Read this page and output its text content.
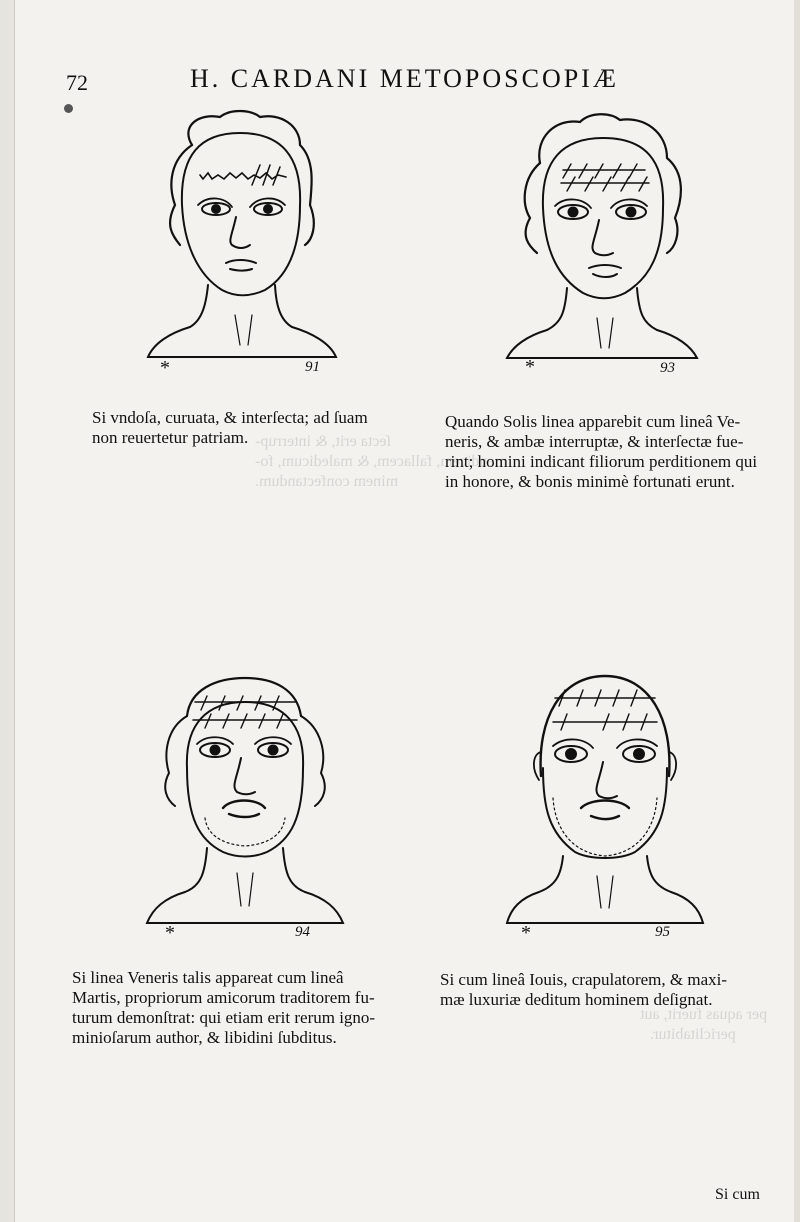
72	H. CARDANI METOPOSCOPIÆ
ſecta erit, & interrup-
mendicem, fallacem, & maledicum, fo-
minem confectandum.
per aquas fuerit, aut
periclitabitur.
*	91	*	93
*	94	*	95
Si vndoſa, curuata, & interſecta; ad ſuam
non reuertetur patriam.
Quando Solis linea apparebit cum lineâ Ve-
neris, & ambæ interruptæ, & interſectæ fue-
rint; homini indicant filiorum perditionem qui
in honore, & bonis minimè fortunati erunt.
Si linea Veneris talis appareat cum lineâ
Martis, propriorum amicorum traditorem fu-
turum demonſtrat: qui etiam erit rerum igno-
minioſarum author, & libidini ſubditus.
Si cum lineâ Iouis, crapulatorem, & maxi-
mæ luxuriæ deditum hominem deſignat.
Si cum
